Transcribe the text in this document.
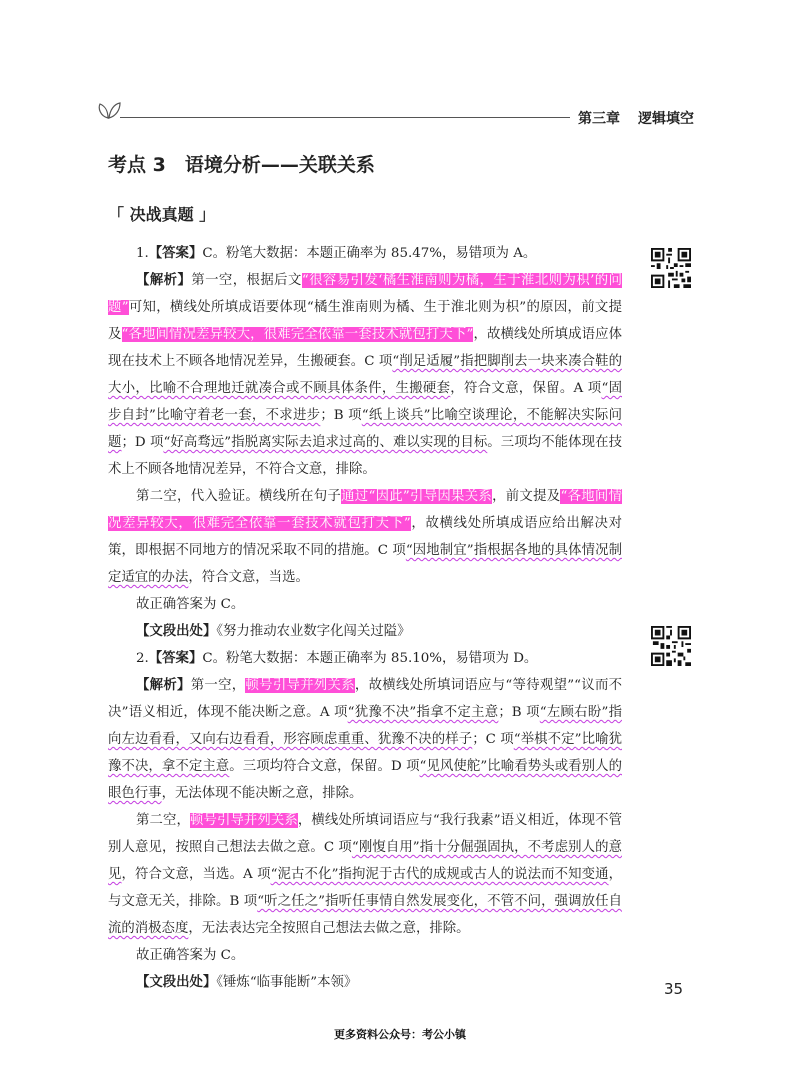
第三章 逻辑填空
考点 3　语境分析——关联关系
「 决战真题 」

1.【答案】C。粉笔大数据：本题正确率为 85.47%，易错项为 A。

【解析】第一空，根据后文“很容易引发‘橘生淮南则为橘，生于淮北则为枳’的问题”可知，横线处所填成语要体现“橘生淮南则为橘、生于淮北则为枳”的原因，前文提及“各地间情况差异较大，很难完全依靠一套技术就包打天下”，故横线处所填成语应体现在技术上不顾各地情况差异，生搬硬套。C 项“削足适履”指把脚削去一块来凑合鞋的大小，比喻不合理地迁就凑合或不顾具体条件，生搬硬套，符合文意，保留。A 项“固步自封”比喻守着老一套，不求进步；B 项“纸上谈兵”比喻空谈理论，不能解决实际问题；D 项“好高骛远”指脱离实际去追求过高的、难以实现的目标。三项均不能体现在技术上不顾各地情况差异，不符合文意，排除。

第二空，代入验证。横线所在句子通过“因此”引导因果关系，前文提及“各地间情况差异较大，很难完全依靠一套技术就包打天下”，故横线处所填成语应给出解决对策，即根据不同地方的情况采取不同的措施。C 项“因地制宜”指根据各地的具体情况制定适宜的办法，符合文意，当选。

故正确答案为 C。

【文段出处】《努力推动农业数字化闯关过隘》

2.【答案】C。粉笔大数据：本题正确率为 85.10%，易错项为 D。

【解析】第一空，顿号引导并列关系，故横线处所填词语应与“等待观望”“议而不决”语义相近，体现不能决断之意。A 项“犹豫不决”指拿不定主意；B 项“左顾右盼”指向左边看看，又向右边看看，形容顾虑重重、犹豫不决的样子；C 项“举棋不定”比喻犹豫不决，拿不定主意。三项均符合文意，保留。D 项“见风使舵”比喻看势头或看别人的眼色行事，无法体现不能决断之意，排除。

第二空，顿号引导并列关系，横线处所填词语应与“我行我素”语义相近，体现不管别人意见，按照自己想法去做之意。C 项“刚愎自用”指十分倔强固执，不考虑别人的意见，符合文意，当选。A 项“泥古不化”指拘泥于古代的成规或古人的说法而不知变通，与文意无关，排除。B 项“听之任之”指听任事情自然发展变化，不管不问，强调放任自流的消极态度，无法表达完全按照自己想法去做之意，排除。

故正确答案为 C。

【文段出处】《锤炼“临事能断”本领》	35
更多资料公众号：考公小镇
